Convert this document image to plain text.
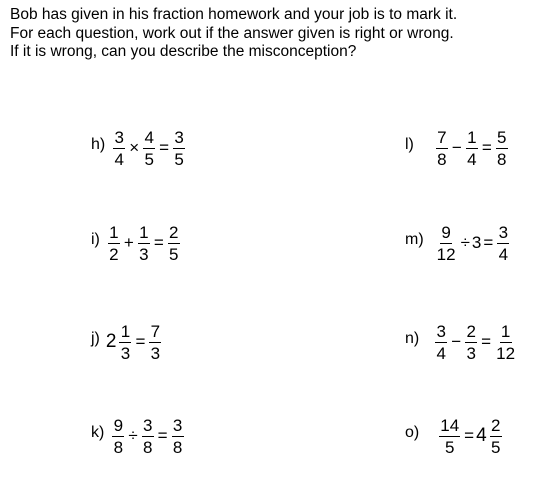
Bob has given in his fraction homework and your job is to mark it.
For each question, work out if the answer given is right or wrong.
If it is wrong, can you describe the misconception?
$h) \frac{3}{4} \times \frac{4}{5} = \frac{3}{5}$
$i) \frac{1}{2} + \frac{1}{3} = \frac{2}{5}$
j) $2 \frac{1}{3} = \frac{7}{3}$
$k) \frac{9}{8} \div \frac{3}{8} = \frac{3}{8}$
$l) \frac{7}{8} - \frac{1}{4} = \frac{5}{8}$
$m) \frac{9}{12} \div 3 = \frac{3}{4}$
$n) \frac{3}{4} - \frac{2}{3} = \frac{1}{12}$
$o) \frac{14}{5} = 4 \frac{2}{5}$
